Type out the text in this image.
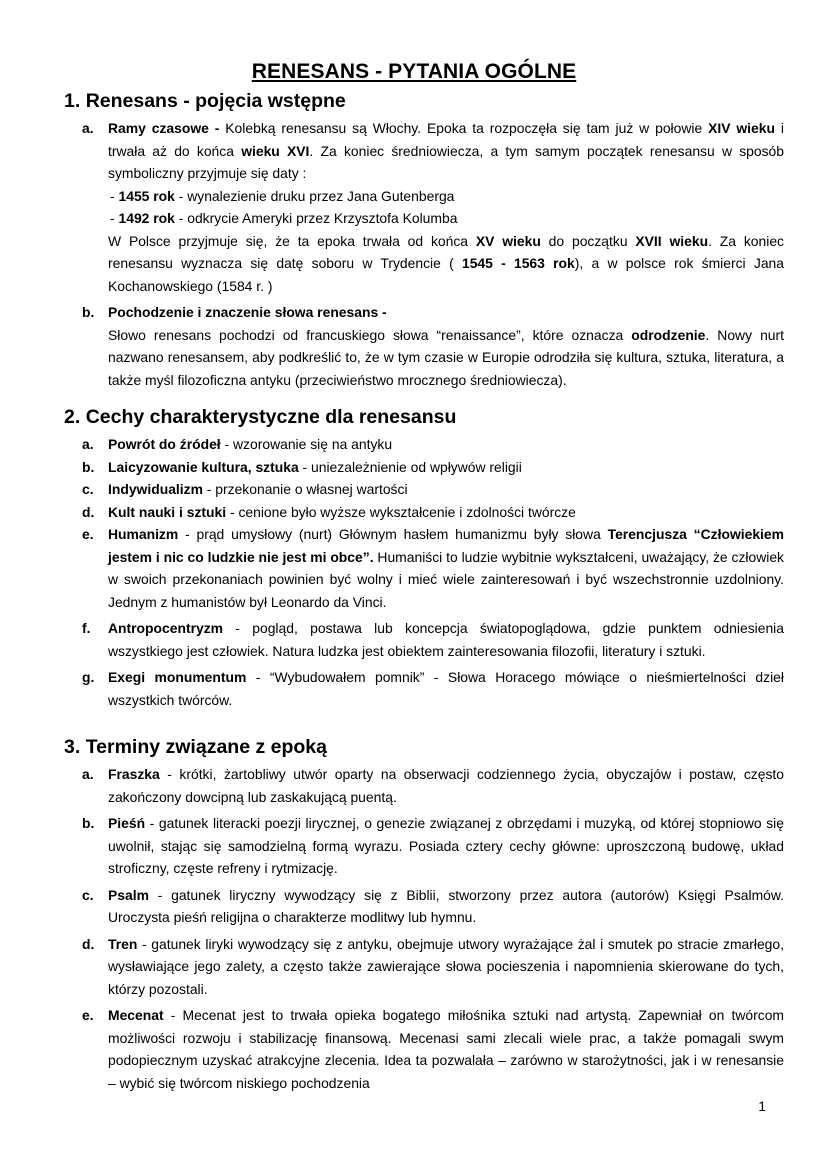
RENESANS - PYTANIA OGÓLNE
1. Renesans - pojęcia wstępne
a. Ramy czasowe - Kolebką renesansu są Włochy. Epoka ta rozpoczęła się tam już w połowie XIV wieku i trwała aż do końca wieku XVI. Za koniec średniowiecza, a tym samym początek renesansu w sposób symboliczny przyjmuje się daty :
- 1455 rok - wynalezienie druku przez Jana Gutenberga
- 1492 rok - odkrycie Ameryki przez Krzysztofa Kolumba
W Polsce przyjmuje się, że ta epoka trwała od końca XV wieku do początku XVII wieku. Za koniec renesansu wyznacza się datę soboru w Trydencie ( 1545 - 1563 rok), a w polsce rok śmierci Jana Kochanowskiego (1584 r. )
b. Pochodzenie i znaczenie słowa renesans -
Słowo renesans pochodzi od francuskiego słowa “renaissance”, które oznacza odrodzenie. Nowy nurt nazwano renesansem, aby podkreślić to, że w tym czasie w Europie odrodziła się kultura, sztuka, literatura, a także myśl filozoficzna antyku (przeciwieństwo mrocznego średniowiecza).
2. Cechy charakterystyczne dla renesansu
a. Powrót do źródeł - wzorowanie się na antyku
b. Laicyzowanie kultura, sztuka - uniezależnienie od wpływów religii
c. Indywidualizm - przekonanie o własnej wartości
d. Kult nauki i sztuki - cenione było wyższe wykształcenie i zdolności twórcze
e. Humanizm - prąd umysłowy (nurt) Głównym hasłem humanizmu były słowa Terencjusza “Człowiekiem jestem i nic co ludzkie nie jest mi obce”. Humaniści to ludzie wybitnie wykształceni, uważający, że człowiek w swoich przekonaniach powinien być wolny i mieć wiele zainteresowań i być wszechstronnie uzdolniony. Jednym z humanistów był Leonardo da Vinci.
f. Antropocentryzm - pogląd, postawa lub koncepcja światopoglądowa, gdzie punktem odniesienia wszystkiego jest człowiek. Natura ludzka jest obiektem zainteresowania filozofii, literatury i sztuki.
g. Exegi monumentum - “Wybudowałem pomnik” - Słowa Horacego mówiące o nieśmiertelności dzieł wszystkich twórców.
3. Terminy związane z epoką
a. Fraszka - krótki, żartobliwy utwór oparty na obserwacji codziennego życia, obyczajów i postaw, często zakończony dowcipną lub zaskakującą puentą.
b. Pieśń - gatunek literacki poezji lirycznej, o genezie związanej z obrzędami i muzyką, od której stopniowo się uwolnił, stając się samodzielną formą wyrazu. Posiada cztery cechy główne: uproszczoną budowę, układ stroficzny, częste refreny i rytmizację.
c. Psalm - gatunek liryczny wywodzący się z Biblii, stworzony przez autora (autorów) Księgi Psalmów. Uroczysta pieśń religijna o charakterze modlitwy lub hymnu.
d. Tren - gatunek liryki wywodzący się z antyku, obejmuje utwory wyrażające żal i smutek po stracie zmarłego, wysławiające jego zalety, a często także zawierające słowa pocieszenia i napomnienia skierowane do tych, którzy pozostali.
e. Mecenat - Mecenat jest to trwała opieka bogatego miłośnika sztuki nad artystą. Zapewniał on twórcom możliwości rozwoju i stabilizację finansową. Mecenasi sami zlecali wiele prac, a także pomagali swym podopiecznym uzyskać atrakcyjne zlecenia. Idea ta pozwalała – zarówno w starożytności, jak i w renesansie – wybić się twórcom niskiego pochodzenia
1
